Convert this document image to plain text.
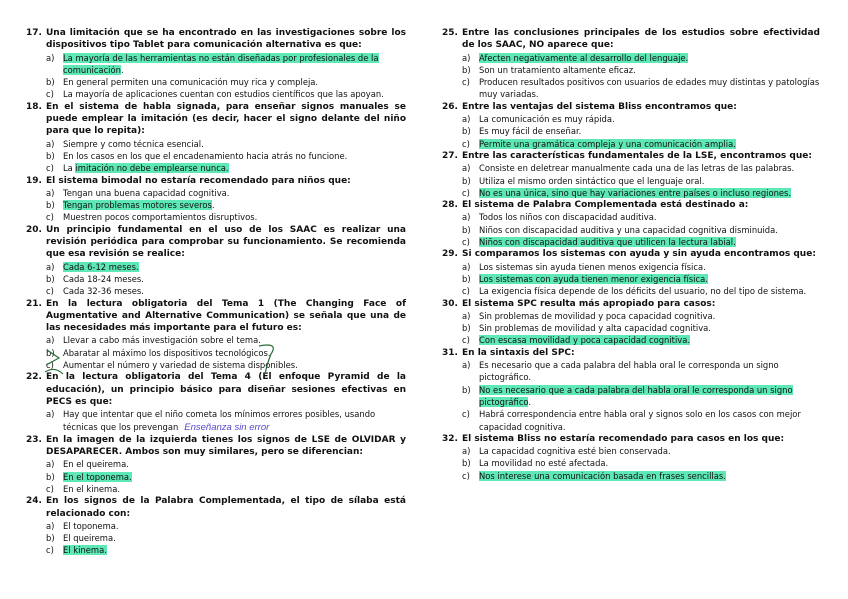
17. Una limitación que se ha encontrado en las investigaciones sobre los dispositivos tipo Tablet para comunicación alternativa es que:
a)	La mayoría de las herramientas no están diseñadas por profesionales de la comunicación.
b)	En general permiten una comunicación muy rica y compleja.
c)	La mayoría de aplicaciones cuentan con estudios científicos que las apoyan.
18. En el sistema de habla signada, para enseñar signos manuales se puede emplear la imitación (es decir, hacer el signo delante del niño para que lo repita):
a)	Siempre y como técnica esencial.
b)	En los casos en los que el encadenamiento hacia atrás no funcione.
c)	La imitación no debe emplearse nunca.
19. El sistema bimodal no estaría recomendado para niños que:
a)	Tengan una buena capacidad cognitiva.
b)	Tengan problemas motores severos.
c)	Muestren pocos comportamientos disruptivos.
20. Un principio fundamental en el uso de los SAAC es realizar una revisión periódica para comprobar su funcionamiento. Se recomienda que esa revisión se realice:
a)	Cada 6-12 meses.
b)	Cada 18-24 meses.
c)	Cada 32-36 meses.
21. En la lectura obligatoria del Tema 1 (The Changing Face of Augmentative and Alternative Communication) se señala que una de las necesidades más importante para el futuro es:
a)	Llevar a cabo más investigación sobre el tema.
b)	Abaratar al máximo los dispositivos tecnológicos.
c)	Aumentar el número y variedad de sistema disponibles.
22. En la lectura obligatoria del Tema 4 (El enfoque Pyramid de la educación), un principio básico para diseñar sesiones efectivas en PECS es que:
a)	Hay que intentar que el niño cometa los mínimos errores posibles, usando técnicas que los prevengan Enseñanza sin error
23. En la imagen de la izquierda tienes los signos de LSE de OLVIDAR y DESAPARECER. Ambos son muy similares, pero se diferencian:
a)	En el queirema.
b)	En el toponema.
c)	En el kinema.
24. En los signos de la Palabra Complementada, el tipo de sílaba está relacionado con:
a)	El toponema.
b)	El queirema.
c)	El kinema.
25. Entre las conclusiones principales de los estudios sobre efectividad de los SAAC, NO aparece que:
a)	Afecten negativamente al desarrollo del lenguaje.
b)	Son un tratamiento altamente eficaz.
c)	Producen resultados positivos con usuarios de edades muy distintas y patologías muy variadas.
26. Entre las ventajas del sistema Bliss encontramos que:
a)	La comunicación es muy rápida.
b)	Es muy fácil de enseñar.
c)	Permite una gramática compleja y una comunicación amplia.
27. Entre las características fundamentales de la LSE, encontramos que:
a)	Consiste en deletrear manualmente cada una de las letras de las palabras.
b)	Utiliza el mismo orden sintáctico que el lenguaje oral.
c)	No es una única, sino que hay variaciones entre países o incluso regiones.
28. El sistema de Palabra Complementada está destinado a:
a)	Todos los niños con discapacidad auditiva.
b)	Niños con discapacidad auditiva y una capacidad cognitiva disminuida.
c)	Niños con discapacidad auditiva que utilicen la lectura labial.
29. Si comparamos los sistemas con ayuda y sin ayuda encontramos que:
a)	Los sistemas sin ayuda tienen menos exigencia física.
b)	Los sistemas con ayuda tienen menor exigencia física.
c)	La exigencia física depende de los déficits del usuario, no del tipo de sistema.
30. El sistema SPC resulta más apropiado para casos:
a)	Sin problemas de movilidad y poca capacidad cognitiva.
b)	Sin problemas de movilidad y alta capacidad cognitiva.
c)	Con escasa movilidad y poca capacidad cognitiva.
31. En la sintaxis del SPC:
a)	Es necesario que a cada palabra del habla oral le corresponda un signo pictográfico.
b)	No es necesario que a cada palabra del habla oral le corresponda un signo pictográfico.
c)	Habrá correspondencia entre habla oral y signos solo en los casos con mejor capacidad cognitiva.
32. El sistema Bliss no estaría recomendado para casos en los que:
a)	La capacidad cognitiva esté bien conservada.
b)	La movilidad no esté afectada.
c)	Nos interese una comunicación basada en frases sencillas.
